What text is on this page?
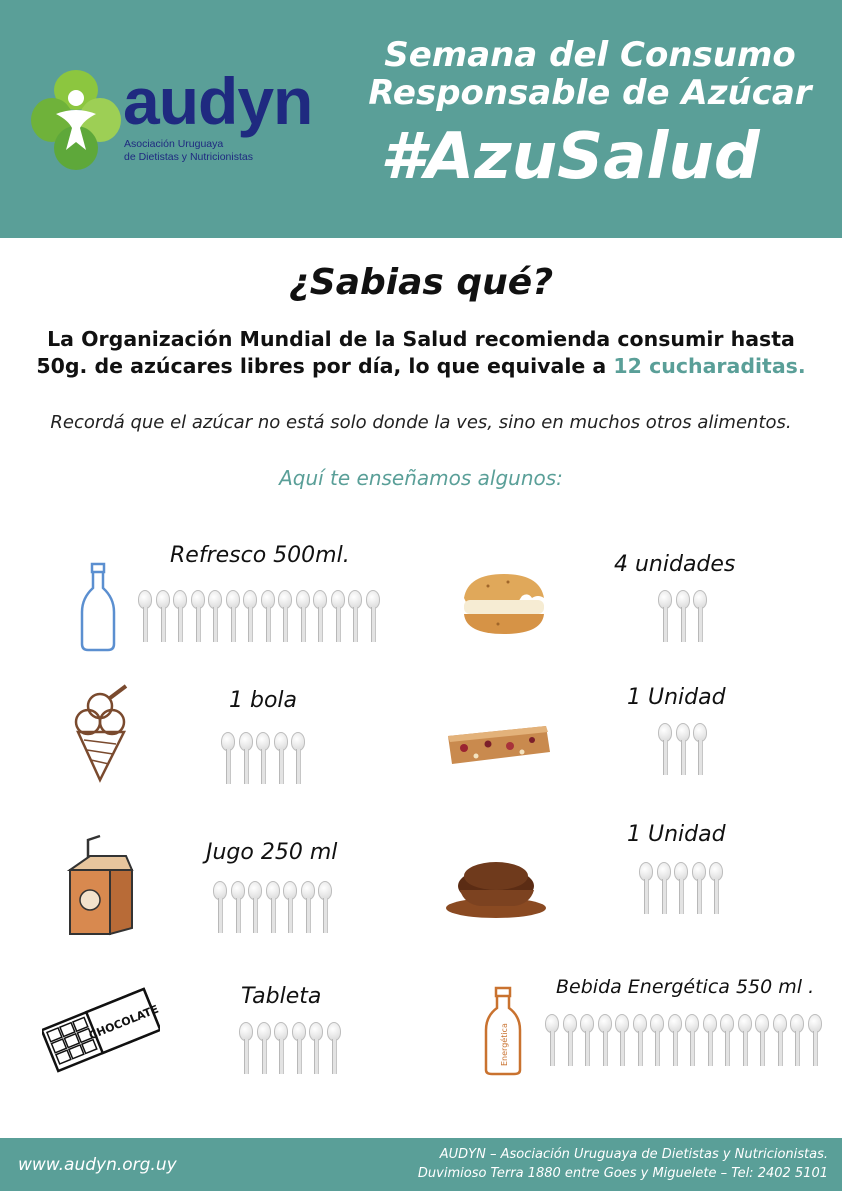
audyn
Asociación Uruguaya
de Dietistas y Nutricionistas
Semana del Consumo
Responsable de Azúcar
#AzuSalud
¿Sabias qué?
La Organización Mundial de la Salud recomienda consumir hasta
50g. de azúcares libres por día, lo que equivale a 12 cucharaditas.
Recordá que el azúcar no está solo donde la ves, sino en muchos otros alimentos.
Aquí te enseñamos algunos:
Refresco 500ml.	4 unidades
1 bola	1 Unidad
Jugo 250 ml
1 Unidad
CHOCOLATE
Tableta
Energética
Bebida Energética 550 ml .
www.audyn.org.uy
AUDYN – Asociación Uruguaya de Dietistas y Nutricionistas.
Duvimioso Terra 1880 entre Goes y Miguelete – Tel: 2402 5101
